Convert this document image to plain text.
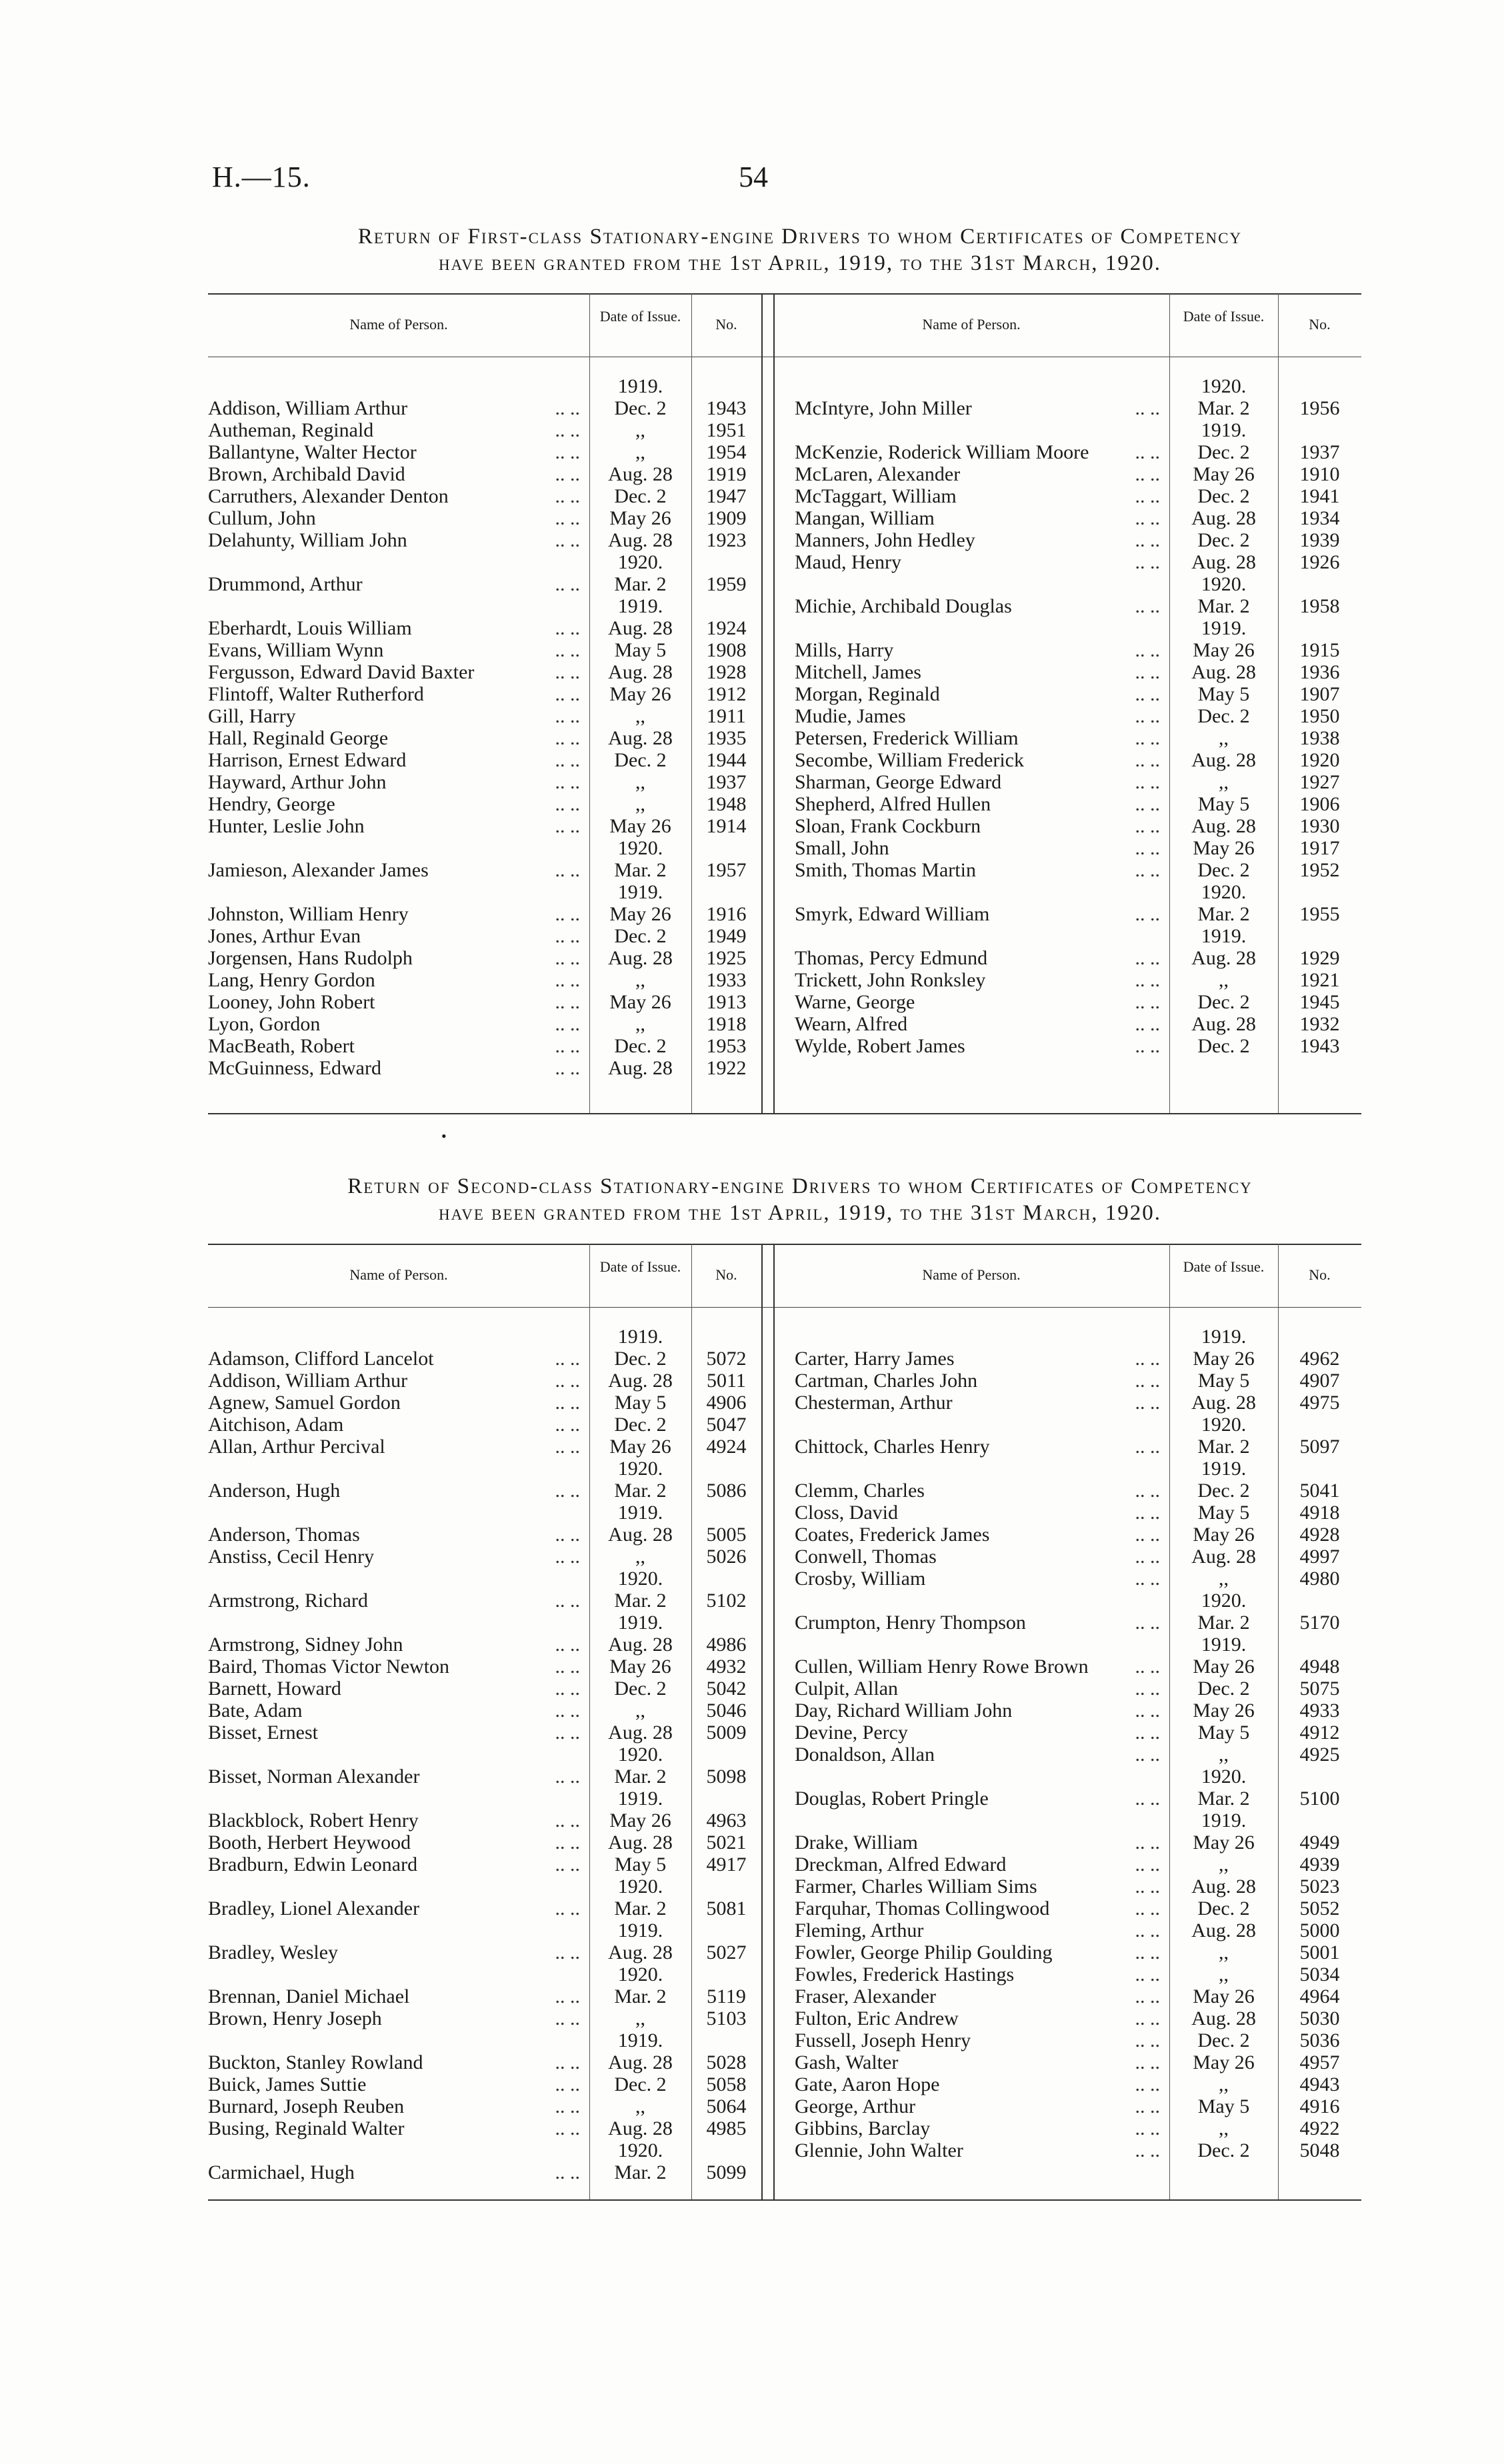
H.—15.	54
Return of First-class Stationary-engine Drivers to whom Certificates of Competency
have been granted from the 1st April, 1919, to the 31st March, 1920.
Name of Person.	Date of Issue.	No.	Name of Person.	Date of Issue.	No.
1919.
Addison, William Arthur	.. ..	Dec. 2	1943
Autheman, Reginald	.. ..	,,	1951
Ballantyne, Walter Hector	.. ..	,,	1954
Brown, Archibald David	.. ..	Aug. 28	1919
Carruthers, Alexander Denton	.. ..	Dec. 2	1947
Cullum, John	.. ..	May 26	1909
Delahunty, William John	.. ..	Aug. 28	1923
1920.
Drummond, Arthur	.. ..	Mar. 2	1959
1919.
Eberhardt, Louis William	.. ..	Aug. 28	1924
Evans, William Wynn	.. ..	May 5	1908
Fergusson, Edward David Baxter	.. ..	Aug. 28	1928
Flintoff, Walter Rutherford	.. ..	May 26	1912
Gill, Harry	.. ..	,,	1911
Hall, Reginald George	.. ..	Aug. 28	1935
Harrison, Ernest Edward	.. ..	Dec. 2	1944
Hayward, Arthur John	.. ..	,,	1937
Hendry, George	.. ..	,,	1948
Hunter, Leslie John	.. ..	May 26	1914
1920.
Jamieson, Alexander James	.. ..	Mar. 2	1957
1919.
Johnston, William Henry	.. ..	May 26	1916
Jones, Arthur Evan	.. ..	Dec. 2	1949
Jorgensen, Hans Rudolph	.. ..	Aug. 28	1925
Lang, Henry Gordon	.. ..	,,	1933
Looney, John Robert	.. ..	May 26	1913
Lyon, Gordon	.. ..	,,	1918
MacBeath, Robert	.. ..	Dec. 2	1953
McGuinness, Edward	.. ..	Aug. 28	1922
1920.
McIntyre, John Miller	.. ..	Mar. 2	1956
1919.
McKenzie, Roderick William Moore	.. ..	Dec. 2	1937
McLaren, Alexander	.. ..	May 26	1910
McTaggart, William	.. ..	Dec. 2	1941
Mangan, William	.. ..	Aug. 28	1934
Manners, John Hedley	.. ..	Dec. 2	1939
Maud, Henry	.. ..	Aug. 28	1926
1920.
Michie, Archibald Douglas	.. ..	Mar. 2	1958
1919.
Mills, Harry	.. ..	May 26	1915
Mitchell, James	.. ..	Aug. 28	1936
Morgan, Reginald	.. ..	May 5	1907
Mudie, James	.. ..	Dec. 2	1950
Petersen, Frederick William	.. ..	,,	1938
Secombe, William Frederick	.. ..	Aug. 28	1920
Sharman, George Edward	.. ..	,,	1927
Shepherd, Alfred Hullen	.. ..	May 5	1906
Sloan, Frank Cockburn	.. ..	Aug. 28	1930
Small, John	.. ..	May 26	1917
Smith, Thomas Martin	.. ..	Dec. 2	1952
1920.
Smyrk, Edward William	.. ..	Mar. 2	1955
1919.
Thomas, Percy Edmund	.. ..	Aug. 28	1929
Trickett, John Ronksley	.. ..	,,	1921
Warne, George	.. ..	Dec. 2	1945
Wearn, Alfred	.. ..	Aug. 28	1932
Wylde, Robert James	.. ..	Dec. 2	1943
•
Return of Second-class Stationary-engine Drivers to whom Certificates of Competency
have been granted from the 1st April, 1919, to the 31st March, 1920.
Name of Person.	Date of Issue.	No.	Name of Person.	Date of Issue.	No.
1919.
Adamson, Clifford Lancelot	.. ..	Dec. 2	5072
Addison, William Arthur	.. ..	Aug. 28	5011
Agnew, Samuel Gordon	.. ..	May 5	4906
Aitchison, Adam	.. ..	Dec. 2	5047
Allan, Arthur Percival	.. ..	May 26	4924
1920.
Anderson, Hugh	.. ..	Mar. 2	5086
1919.
Anderson, Thomas	.. ..	Aug. 28	5005
Anstiss, Cecil Henry	.. ..	,,	5026
1920.
Armstrong, Richard	.. ..	Mar. 2	5102
1919.
Armstrong, Sidney John	.. ..	Aug. 28	4986
Baird, Thomas Victor Newton	.. ..	May 26	4932
Barnett, Howard	.. ..	Dec. 2	5042
Bate, Adam	.. ..	,,	5046
Bisset, Ernest	.. ..	Aug. 28	5009
1920.
Bisset, Norman Alexander	.. ..	Mar. 2	5098
1919.
Blackblock, Robert Henry	.. ..	May 26	4963
Booth, Herbert Heywood	.. ..	Aug. 28	5021
Bradburn, Edwin Leonard	.. ..	May 5	4917
1920.
Bradley, Lionel Alexander	.. ..	Mar. 2	5081
1919.
Bradley, Wesley	.. ..	Aug. 28	5027
1920.
Brennan, Daniel Michael	.. ..	Mar. 2	5119
Brown, Henry Joseph	.. ..	,,	5103
1919.
Buckton, Stanley Rowland	.. ..	Aug. 28	5028
Buick, James Suttie	.. ..	Dec. 2	5058
Burnard, Joseph Reuben	.. ..	,,	5064
Busing, Reginald Walter	.. ..	Aug. 28	4985
1920.
Carmichael, Hugh	.. ..	Mar. 2	5099
1919.
Carter, Harry James	.. ..	May 26	4962
Cartman, Charles John	.. ..	May 5	4907
Chesterman, Arthur	.. ..	Aug. 28	4975
1920.
Chittock, Charles Henry	.. ..	Mar. 2	5097
1919.
Clemm, Charles	.. ..	Dec. 2	5041
Closs, David	.. ..	May 5	4918
Coates, Frederick James	.. ..	May 26	4928
Conwell, Thomas	.. ..	Aug. 28	4997
Crosby, William	.. ..	,,	4980
1920.
Crumpton, Henry Thompson	.. ..	Mar. 2	5170
1919.
Cullen, William Henry Rowe Brown	.. ..	May 26	4948
Culpit, Allan	.. ..	Dec. 2	5075
Day, Richard William John	.. ..	May 26	4933
Devine, Percy	.. ..	May 5	4912
Donaldson, Allan	.. ..	,,	4925
1920.
Douglas, Robert Pringle	.. ..	Mar. 2	5100
1919.
Drake, William	.. ..	May 26	4949
Dreckman, Alfred Edward	.. ..	,,	4939
Farmer, Charles William Sims	.. ..	Aug. 28	5023
Farquhar, Thomas Collingwood	.. ..	Dec. 2	5052
Fleming, Arthur	.. ..	Aug. 28	5000
Fowler, George Philip Goulding	.. ..	,,	5001
Fowles, Frederick Hastings	.. ..	,,	5034
Fraser, Alexander	.. ..	May 26	4964
Fulton, Eric Andrew	.. ..	Aug. 28	5030
Fussell, Joseph Henry	.. ..	Dec. 2	5036
Gash, Walter	.. ..	May 26	4957
Gate, Aaron Hope	.. ..	,,	4943
George, Arthur	.. ..	May 5	4916
Gibbins, Barclay	.. ..	,,	4922
Glennie, John Walter	.. ..	Dec. 2	5048
